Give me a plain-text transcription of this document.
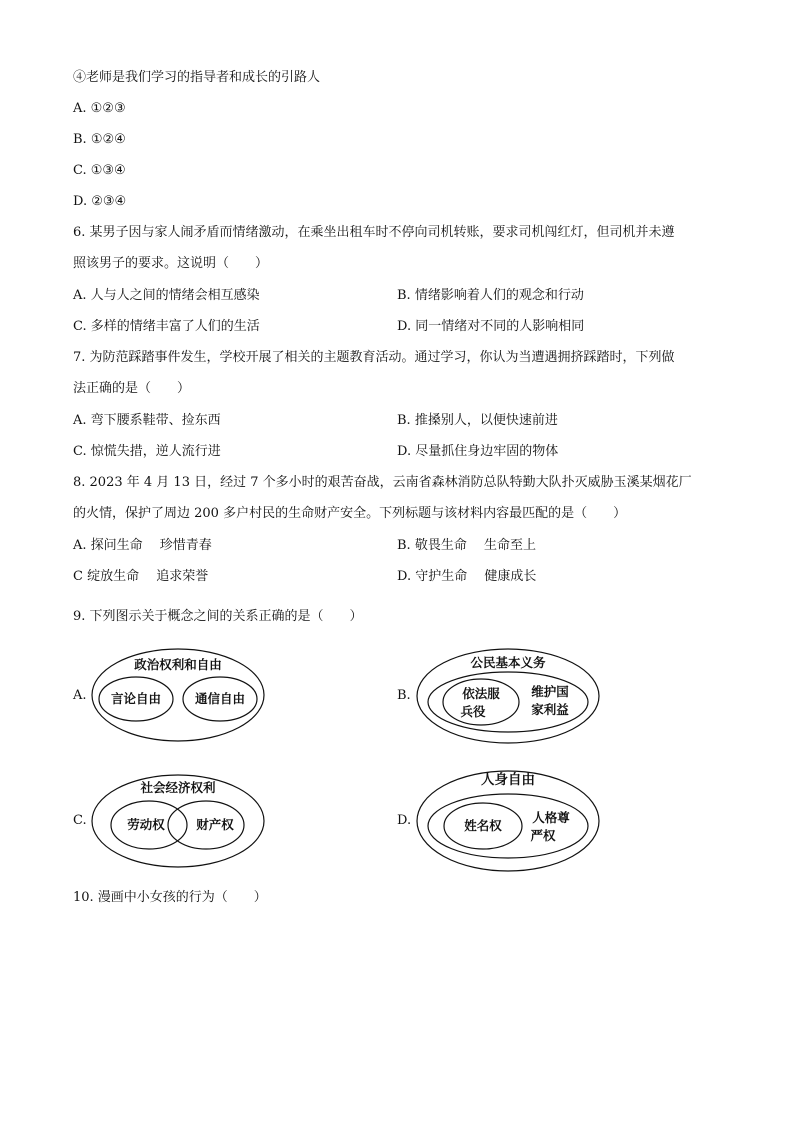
④老师是我们学习的指导者和成长的引路人
A. ①②③
B. ①②④
C. ①③④
D. ②③④
6. 某男子因与家人闹矛盾而情绪激动，在乘坐出租车时不停向司机转账，要求司机闯红灯，但司机并未遵
照该男子的要求。这说明（　　）
A. 人与人之间的情绪会相互感染	B. 情绪影响着人们的观念和行动
C. 多样的情绪丰富了人们的生活	D. 同一情绪对不同的人影响相同
7. 为防范踩踏事件发生，学校开展了相关的主题教育活动。通过学习，你认为当遭遇拥挤踩踏时，下列做
法正确的是（　　）
A. 弯下腰系鞋带、捡东西	B. 推搡别人，以便快速前进
C. 惊慌失措，逆人流行进	D. 尽量抓住身边牢固的物体
8. 2023 年 4 月 13 日，经过 7 个多小时的艰苦奋战，云南省森林消防总队特勤大队扑灭威胁玉溪某烟花厂
的火情，保护了周边 200 多户村民的生命财产安全。下列标题与该材料内容最匹配的是（　　）
A. 探问生命　 珍惜青春	B. 敬畏生命　 生命至上
C 绽放生命　 追求荣誉	D. 守护生命　 健康成长
9. 下列图示关于概念之间的关系正确的是（　　）
A.
政治权利和自由
言论自由	通信自由	B.
公民基本义务
依法服
兵役
维护国
家利益
C.
社会经济权利
劳动权	财产权	D.
人身自由
姓名权
人格尊
严权
10. 漫画中小女孩的行为（　　）
